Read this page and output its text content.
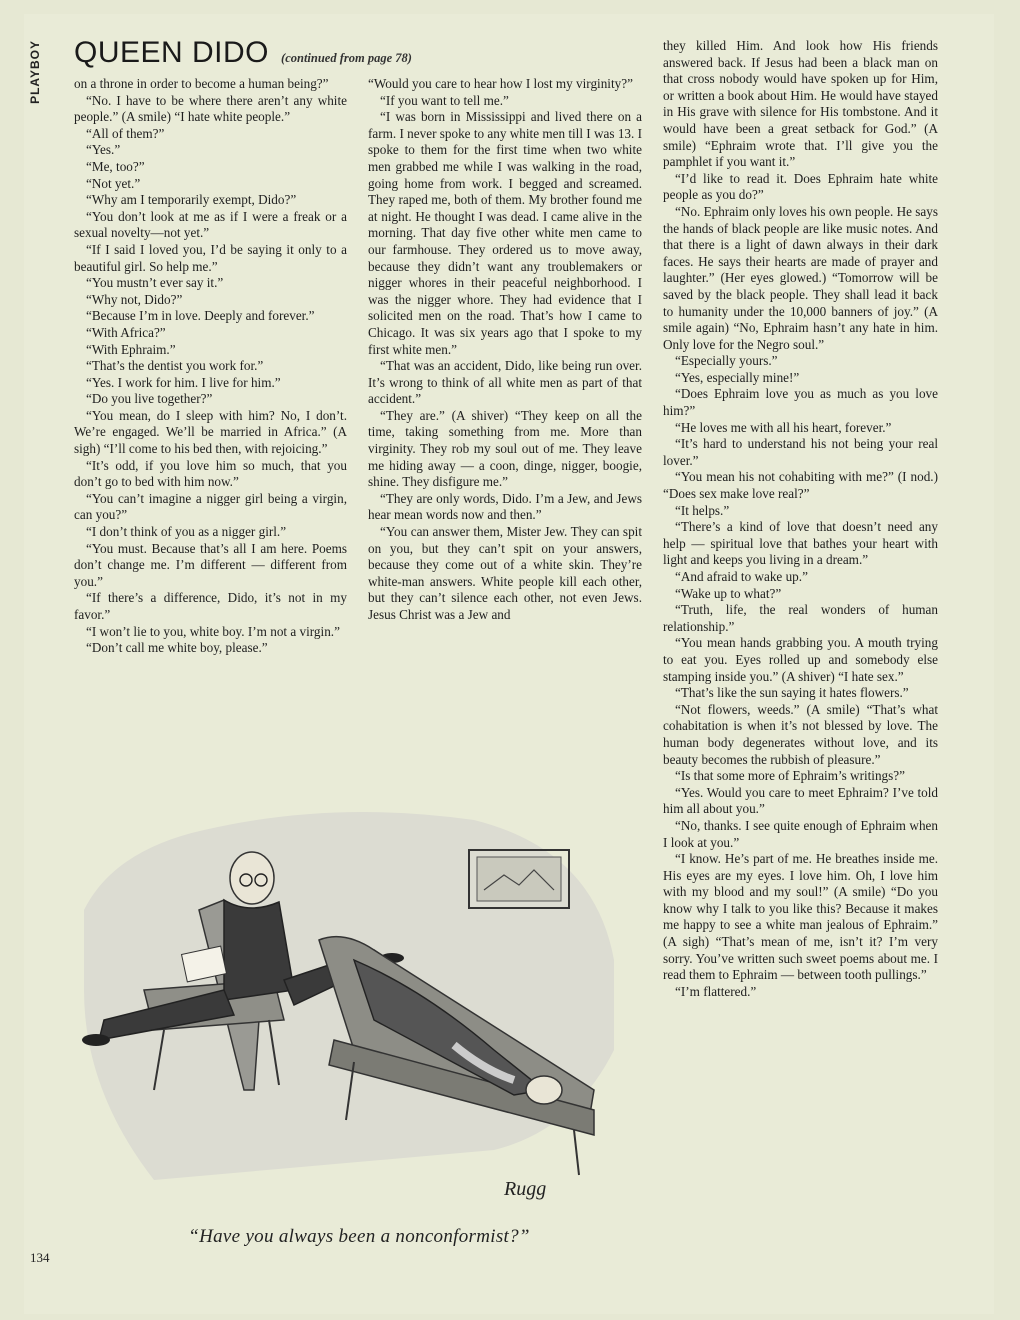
PLAYBOY QUEEN DIDO (continued from page 78)

on a throne in order to become a human being?”

“No. I have to be where there aren’t any white people.” (A smile) “I hate white people.”

“All of them?”

“Yes.”

“Me, too?”

“Not yet.”

“Why am I temporarily exempt, Dido?”

“You don’t look at me as if I were a freak or a sexual novelty—not yet.”

“If I said I loved you, I’d be saying it only to a beautiful girl. So help me.”

“You mustn’t ever say it.”

“Why not, Dido?”

“Because I’m in love. Deeply and forever.”

“With Africa?”

“With Ephraim.”

“That’s the dentist you work for.”

“Yes. I work for him. I live for him.”

“Do you live together?”

“You mean, do I sleep with him? No, I don’t. We’re engaged. We’ll be married in Africa.” (A sigh) “I’ll come to his bed then, with rejoicing.”

“It’s odd, if you love him so much, that you don’t go to bed with him now.”

“You can’t imagine a nigger girl being a virgin, can you?”

“I don’t think of you as a nigger girl.”

“You must. Because that’s all I am here. Poems don’t change me. I’m different — different from you.”

“If there’s a difference, Dido, it’s not in my favor.”

“I won’t lie to you, white boy. I’m not a virgin.”

“Don’t call me white boy, please.”

“Would you care to hear how I lost my virginity?”

“If you want to tell me.”

“I was born in Mississippi and lived there on a farm. I never spoke to any white men till I was 13. I spoke to them for the first time when two white men grabbed me while I was walking in the road, going home from work. I begged and screamed. They raped me, both of them. My brother found me at night. He thought I was dead. I came alive in the morning. That day five other white men came to our farmhouse. They ordered us to move away, because they didn’t want any troublemakers or nigger whores in their peaceful neighborhood. I was the nigger whore. They had evidence that I solicited men on the road. That’s how I came to Chicago. It was six years ago that I spoke to my first white men.”

“That was an accident, Dido, like being run over. It’s wrong to think of all white men as part of that accident.”

“They are.” (A shiver) “They keep on all the time, taking something from me. More than virginity. They rob my soul out of me. They leave me hiding away — a coon, dinge, nigger, boogie, shine. They disfigure me.”

“They are only words, Dido. I’m a Jew, and Jews hear mean words now and then.”

“You can answer them, Mister Jew. They can spit on you, but they can’t spit on your answers, because they come out of a white skin. They’re white-man answers. White people kill each other, but they can’t silence each other, not even Jews. Jesus Christ was a Jew and

they killed Him. And look how His friends answered back. If Jesus had been a black man on that cross nobody would have spoken up for Him, or written a book about Him. He would have stayed in His grave with silence for His tombstone. And it would have been a great setback for God.” (A smile) “Ephraim wrote that. I’ll give you the pamphlet if you want it.”

“I’d like to read it. Does Ephraim hate white people as you do?”

“No. Ephraim only loves his own people. He says the hands of black people are like music notes. And that there is a light of dawn always in their dark faces. He says their hearts are made of prayer and laughter.” (Her eyes glowed.) “Tomorrow will be saved by the black people. They shall lead it back to humanity under the 10,000 banners of joy.” (A smile again) “No, Ephraim hasn’t any hate in him. Only love for the Negro soul.”

“Especially yours.”

“Yes, especially mine!”

“Does Ephraim love you as much as you love him?”

“He loves me with all his heart, forever.”

“It’s hard to understand his not being your real lover.”

“You mean his not cohabiting with me?” (I nod.) “Does sex make love real?”

“It helps.”

“There’s a kind of love that doesn’t need any help — spiritual love that bathes your heart with light and keeps you living in a dream.”

“And afraid to wake up.”

“Wake up to what?”

“Truth, life, the real wonders of human relationship.”

“You mean hands grabbing you. A mouth trying to eat you. Eyes rolled up and somebody else stamping inside you.” (A shiver) “I hate sex.”

“That’s like the sun saying it hates flowers.”

“Not flowers, weeds.” (A smile) “That’s what cohabitation is when it’s not blessed by love. The human body degenerates without love, and its beauty becomes the rubbish of pleasure.”

“Is that some more of Ephraim’s writings?”

“Yes. Would you care to meet Ephraim? I’ve told him all about you.”

“No, thanks. I see quite enough of Ephraim when I look at you.”

“I know. He’s part of me. He breathes inside me. His eyes are my eyes. I love him. Oh, I love him with my blood and my soul!” (A smile) “Do you know why I talk to you like this? Because it makes me happy to see a white man jealous of Ephraim.” (A sigh) “That’s mean of me, isn’t it? I’m very sorry. You’ve written such sweet poems about me. I read them to Ephraim — between tooth pullings.”

“I’m flattered.”

Rugg
“Have you always been a nonconformist?”
134
